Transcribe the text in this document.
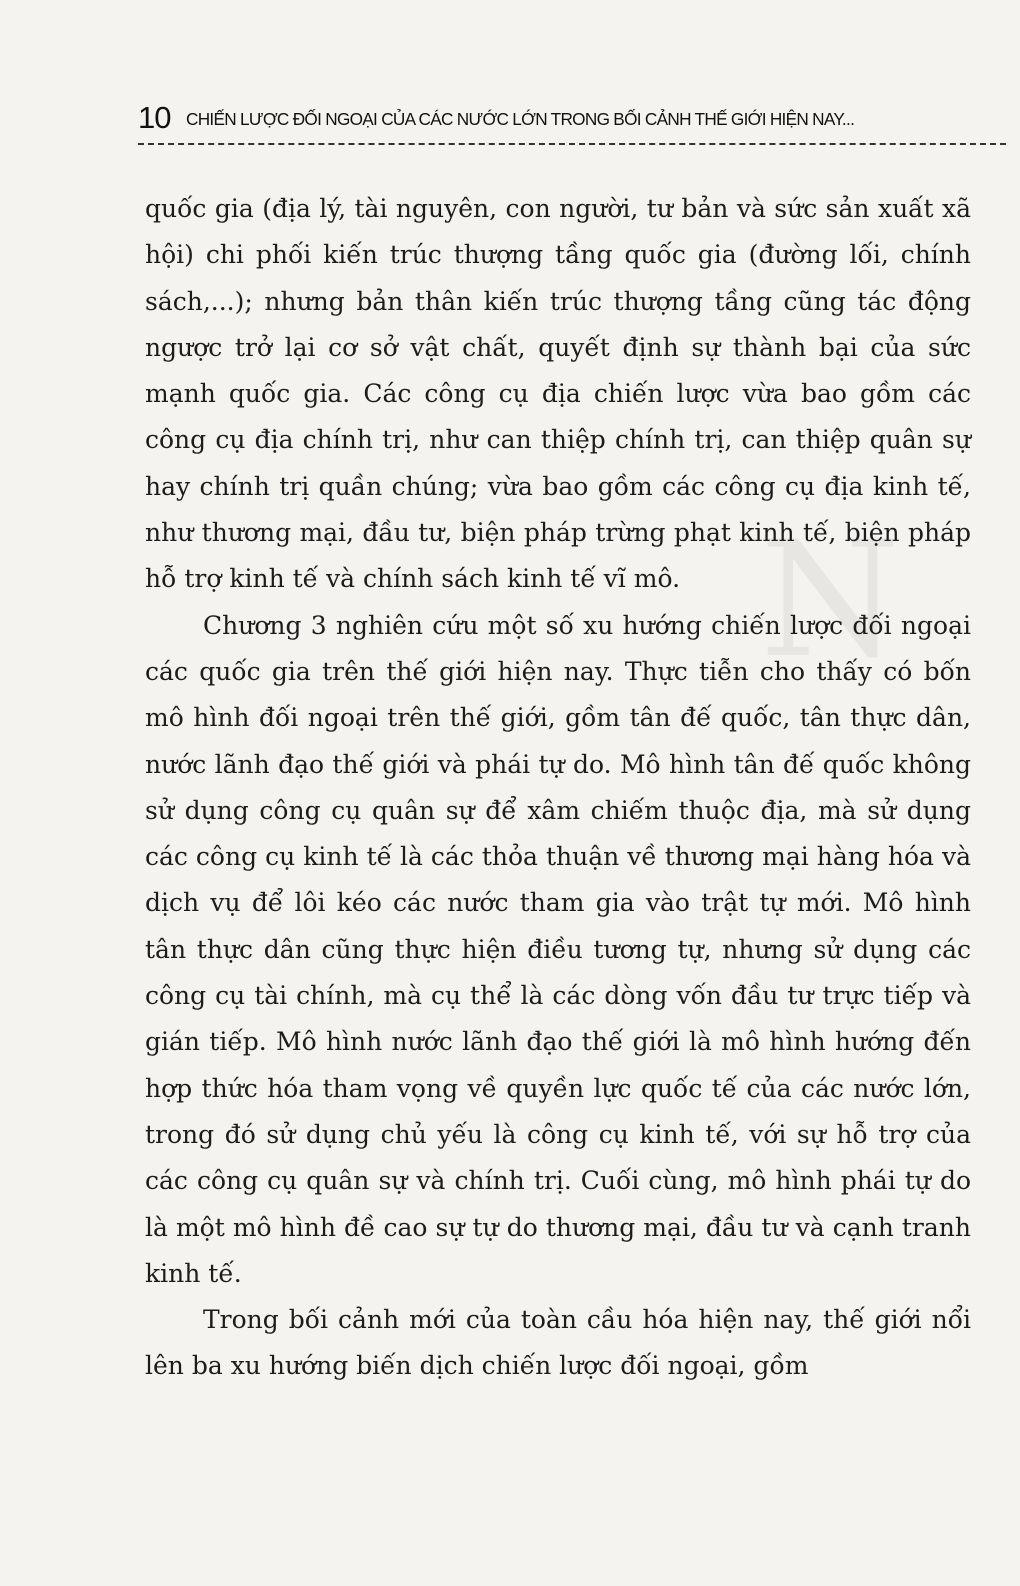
N
10 CHIẾN LƯỢC ĐỐI NGOẠI CỦA CÁC NƯỚC LỚN TRONG BỐI CẢNH THẾ GIỚI HIỆN NAY...

quốc gia (địa lý, tài nguyên, con người, tư bản và sức sản xuất xã hội) chi phối kiến trúc thượng tầng quốc gia (đường lối, chính sách,...); nhưng bản thân kiến trúc thượng tầng cũng tác động ngược trở lại cơ sở vật chất, quyết định sự thành bại của sức mạnh quốc gia. Các công cụ địa chiến lược vừa bao gồm các công cụ địa chính trị, như can thiệp chính trị, can thiệp quân sự hay chính trị quần chúng; vừa bao gồm các công cụ địa kinh tế, như thương mại, đầu tư, biện pháp trừng phạt kinh tế, biện pháp hỗ trợ kinh tế và chính sách kinh tế vĩ mô.

Chương 3 nghiên cứu một số xu hướng chiến lược đối ngoại các quốc gia trên thế giới hiện nay. Thực tiễn cho thấy có bốn mô hình đối ngoại trên thế giới, gồm tân đế quốc, tân thực dân, nước lãnh đạo thế giới và phái tự do. Mô hình tân đế quốc không sử dụng công cụ quân sự để xâm chiếm thuộc địa, mà sử dụng các công cụ kinh tế là các thỏa thuận về thương mại hàng hóa và dịch vụ để lôi kéo các nước tham gia vào trật tự mới. Mô hình tân thực dân cũng thực hiện điều tương tự, nhưng sử dụng các công cụ tài chính, mà cụ thể là các dòng vốn đầu tư trực tiếp và gián tiếp. Mô hình nước lãnh đạo thế giới là mô hình hướng đến hợp thức hóa tham vọng về quyền lực quốc tế của các nước lớn, trong đó sử dụng chủ yếu là công cụ kinh tế, với sự hỗ trợ của các công cụ quân sự và chính trị. Cuối cùng, mô hình phái tự do là một mô hình đề cao sự tự do thương mại, đầu tư và cạnh tranh kinh tế.

Trong bối cảnh mới của toàn cầu hóa hiện nay, thế giới nổi lên ba xu hướng biến dịch chiến lược đối ngoại, gồm
